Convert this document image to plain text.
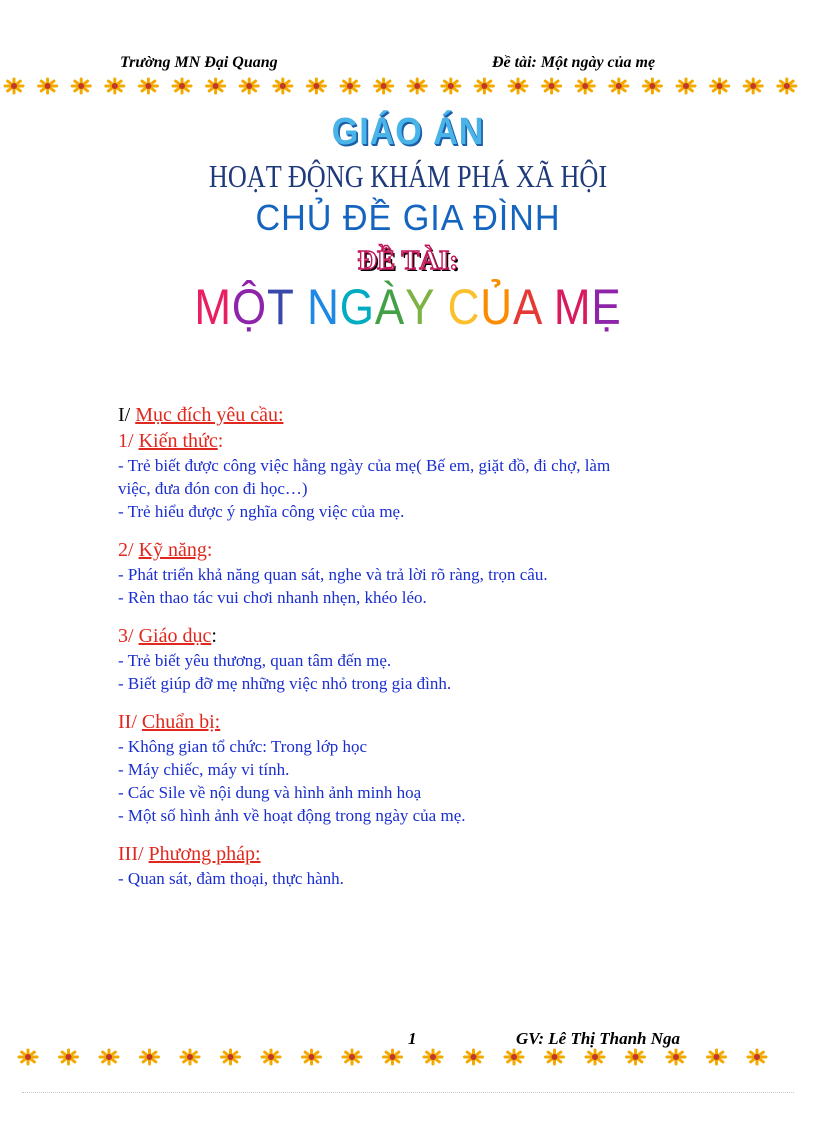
Trường MN Đại Quang	Đề tài: Một ngày của mẹ
GIÁO ÁN
HOẠT ĐỘNG KHÁM PHÁ XÃ HỘI
CHỦ ĐỀ GIA ĐÌNH
ĐỀ TÀI:
MỘT NGÀY CỦA MẸ
I/ Mục đích yêu cầu:
1/ Kiến thức:
- Trẻ biết được công việc hằng ngày của mẹ( Bế em, giặt đồ, đi chợ, làm
việc, đưa đón con đi học…)
- Trẻ hiểu được ý nghĩa công việc của mẹ.
2/ Kỹ năng:
- Phát triển khả năng quan sát, nghe và trả lời rõ ràng, trọn câu.
- Rèn thao tác vui chơi nhanh nhẹn, khéo léo.
3/ Giáo dục:
- Trẻ biết yêu thương, quan tâm đến mẹ.
- Biết giúp đỡ mẹ những việc nhỏ trong gia đình.
II/ Chuẩn bị:
- Không gian tổ chức: Trong lớp học
- Máy chiếc, máy vi tính.
- Các Sile về nội dung và hình ảnh minh hoạ
- Một số hình ảnh về hoạt động trong ngày của mẹ.
III/ Phương pháp:
- Quan sát, đàm thoại, thực hành.
1	GV: Lê Thị Thanh Nga
